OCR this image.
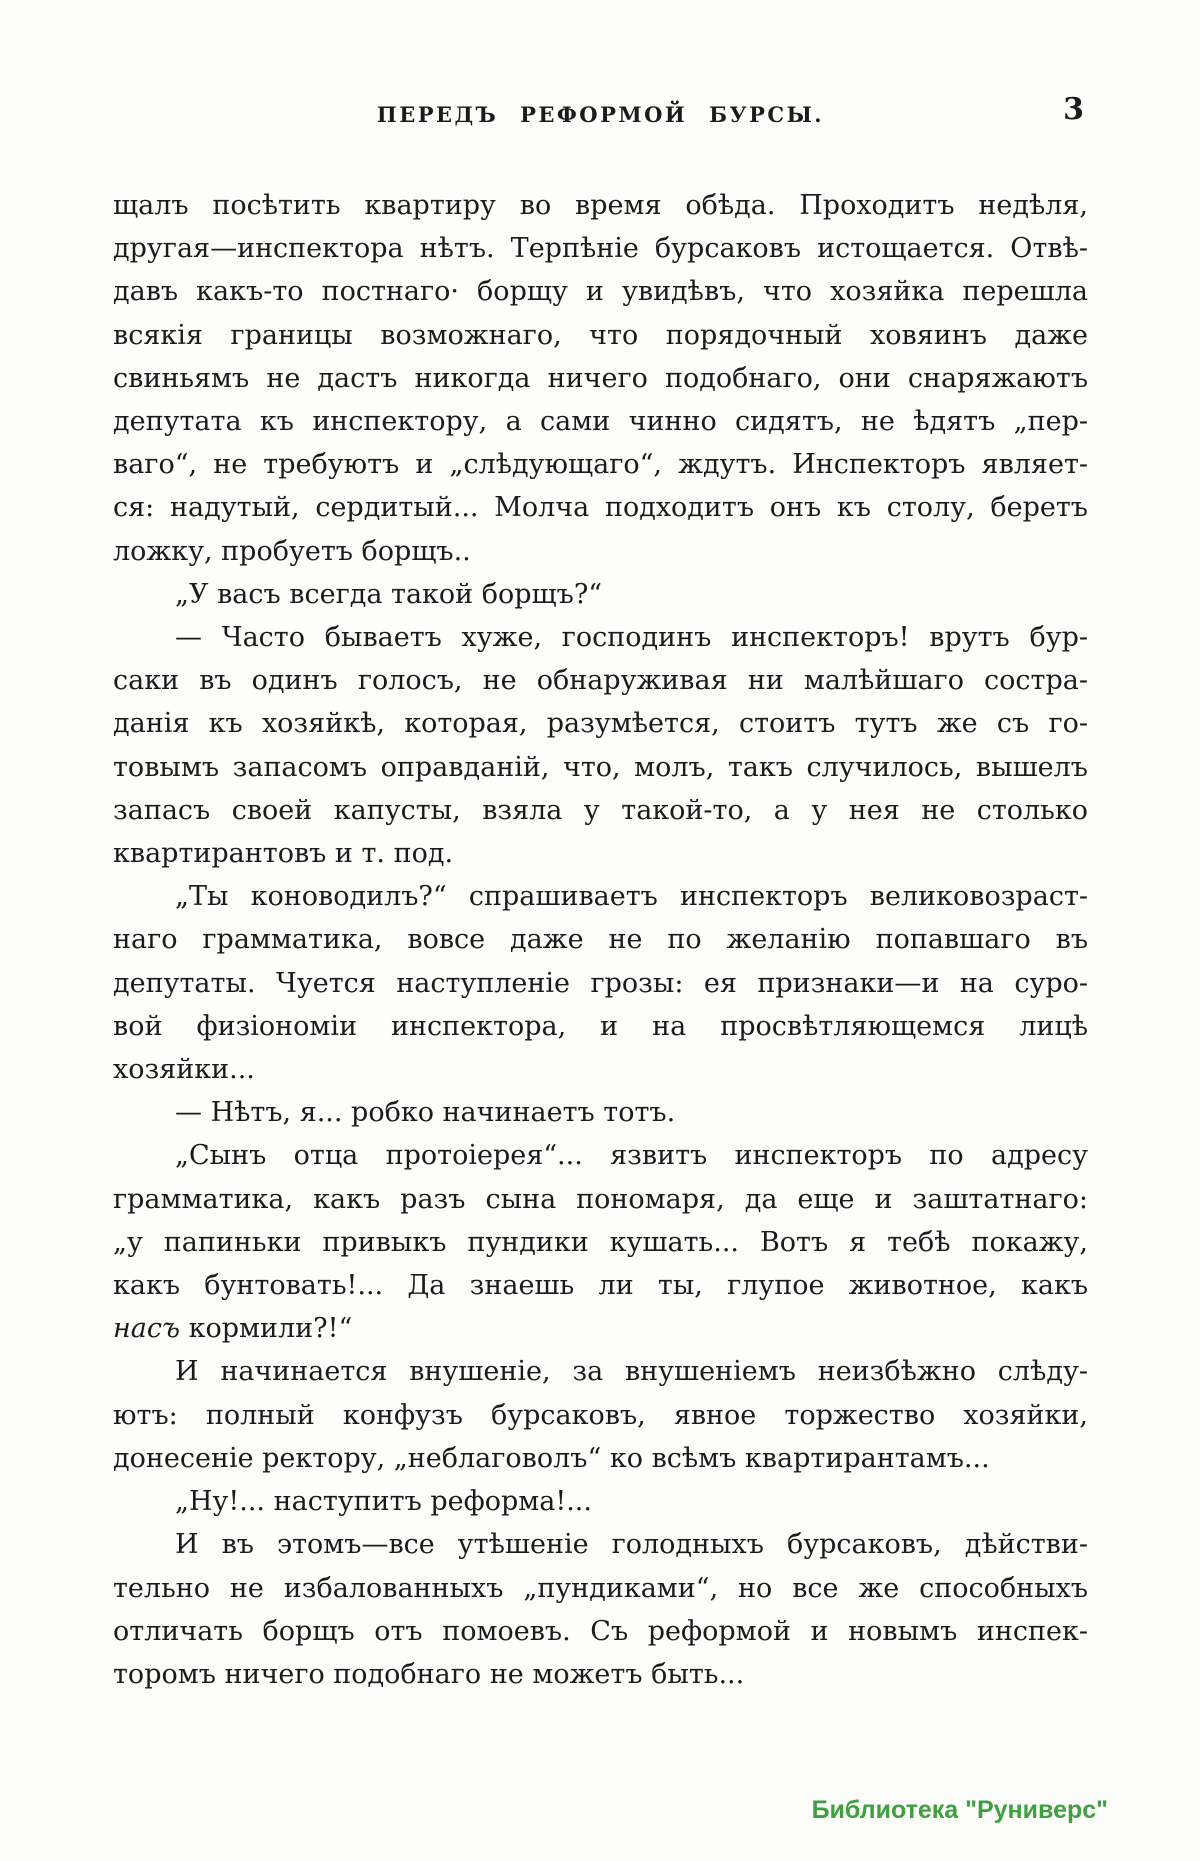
ПЕРЕДЪ РЕФОРМОЙ БУРСЫ.	3
щалъ посѣтить квартиру во время обѣда. Проходитъ недѣля,
другая—инспектора нѣтъ. Терпѣніе бурсаковъ истощается. Отвѣ-
давъ какъ-то постнаго· борщу и увидѣвъ, что хозяйка перешла
всякія границы возможнаго, что порядочный ховяинъ даже
свиньямъ не дастъ никогда ничего подобнаго, они снаряжаютъ
депутата къ инспектору, а сами чинно сидятъ, не ѣдятъ „пер-
ваго“, не требуютъ и „слѣдующаго“, ждутъ. Инспекторъ являет-
ся: надутый, сердитый... Молча подходитъ онъ къ столу, беретъ
ложку, пробуетъ борщъ..
„У васъ всегда такой борщъ?“
— Часто бываетъ хуже, господинъ инспекторъ! врутъ бур-
саки въ одинъ голосъ, не обнаруживая ни малѣйшаго состра-
данія къ хозяйкѣ, которая, разумѣется, стоитъ тутъ же съ го-
товымъ запасомъ оправданій, что, молъ, такъ случилось, вышелъ
запасъ своей капусты, взяла у такой-то, а у нея не столько
квартирантовъ и т. под.
„Ты коноводилъ?“ спрашиваетъ инспекторъ великовозраст-
наго грамматика, вовсе даже не по желанію попавшаго въ
депутаты. Чуется наступленіе грозы: ея признаки—и на суро-
вой физіономіи инспектора, и на просвѣтляющемся лицѣ
хозяйки...
— Нѣтъ, я... робко начинаетъ тотъ.
„Сынъ отца протоіерея“... язвитъ инспекторъ по адресу
грамматика, какъ разъ сына пономаря, да еще и заштатнаго:
„у папиньки привыкъ пундики кушать... Вотъ я тебѣ покажу,
какъ бунтовать!... Да знаешь ли ты, глупое животное, какъ
насъ кормили?!“
И начинается внушеніе, за внушеніемъ неизбѣжно слѣду-
ютъ: полный конфузъ бурсаковъ, явное торжество хозяйки,
донесеніе ректору, „неблаговолъ“ ко всѣмъ квартирантамъ...
„Ну!... наступитъ реформа!...
И въ этомъ—все утѣшеніе голодныхъ бурсаковъ, дѣйстви-
тельно не избалованныхъ „пундиками“, но все же способныхъ
отличать борщъ отъ помоевъ. Съ реформой и новымъ инспек-
торомъ ничего подобнаго не можетъ быть...
Библиотека "Руниверс"
